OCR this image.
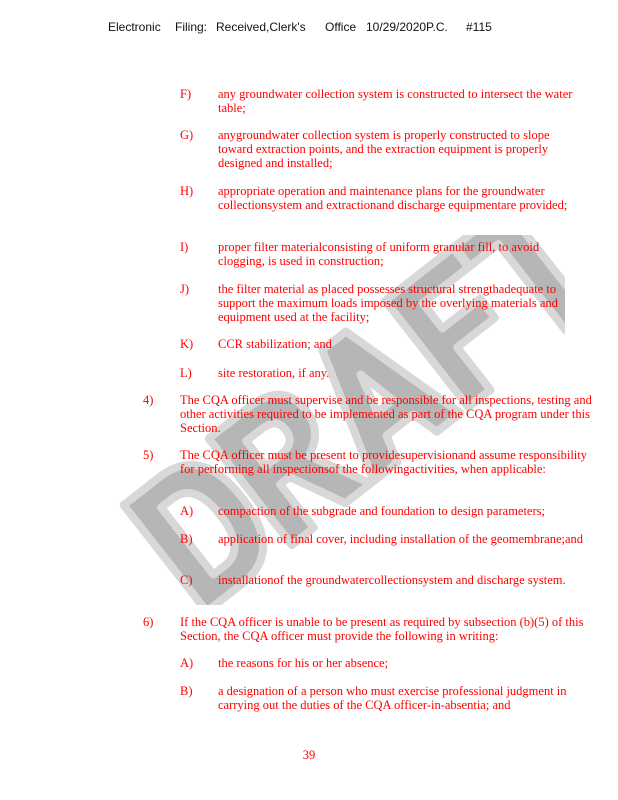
Electronic Filing: Received,Clerk's Office 10/29/2020P.C. #115
F) any groundwater collection system is constructed to intersect the water table;
G) anygroundwater collection system is properly constructed to slope toward extraction points, and the extraction equipment is properly designed and installed;
H) appropriate operation and maintenance plans for the groundwater collectionsystem and extractionand discharge equipmentare provided;
I) proper filter materialconsisting of uniform granular fill, to avoid clogging, is used in construction;
J) the filter material as placed possesses structural strengthadequate to support the maximum loads imposed by the overlying materials and equipment used at the facility;
K) CCR stabilization; and
L) site restoration, if any.
4) The CQA officer must supervise and be responsible for all inspections, testing and other activities required to be implemented as part of the CQA program under this Section.
5) The CQA officer must be present to providesupervisionand assume responsibility for performing all inspectionsof the followingactivities, when applicable:
A) compaction of the subgrade and foundation to design parameters;
B) application of final cover, including installation of the geomembrane;and
C) installationof the groundwatercollectionsystem and discharge system.
6) If the CQA officer is unable to be present as required by subsection (b)(5) of this Section, the CQA officer must provide the following in writing:
A) the reasons for his or her absence;
B) a designation of a person who must exercise professional judgment in carrying out the duties of the CQA officer-in-absentia; and
39
